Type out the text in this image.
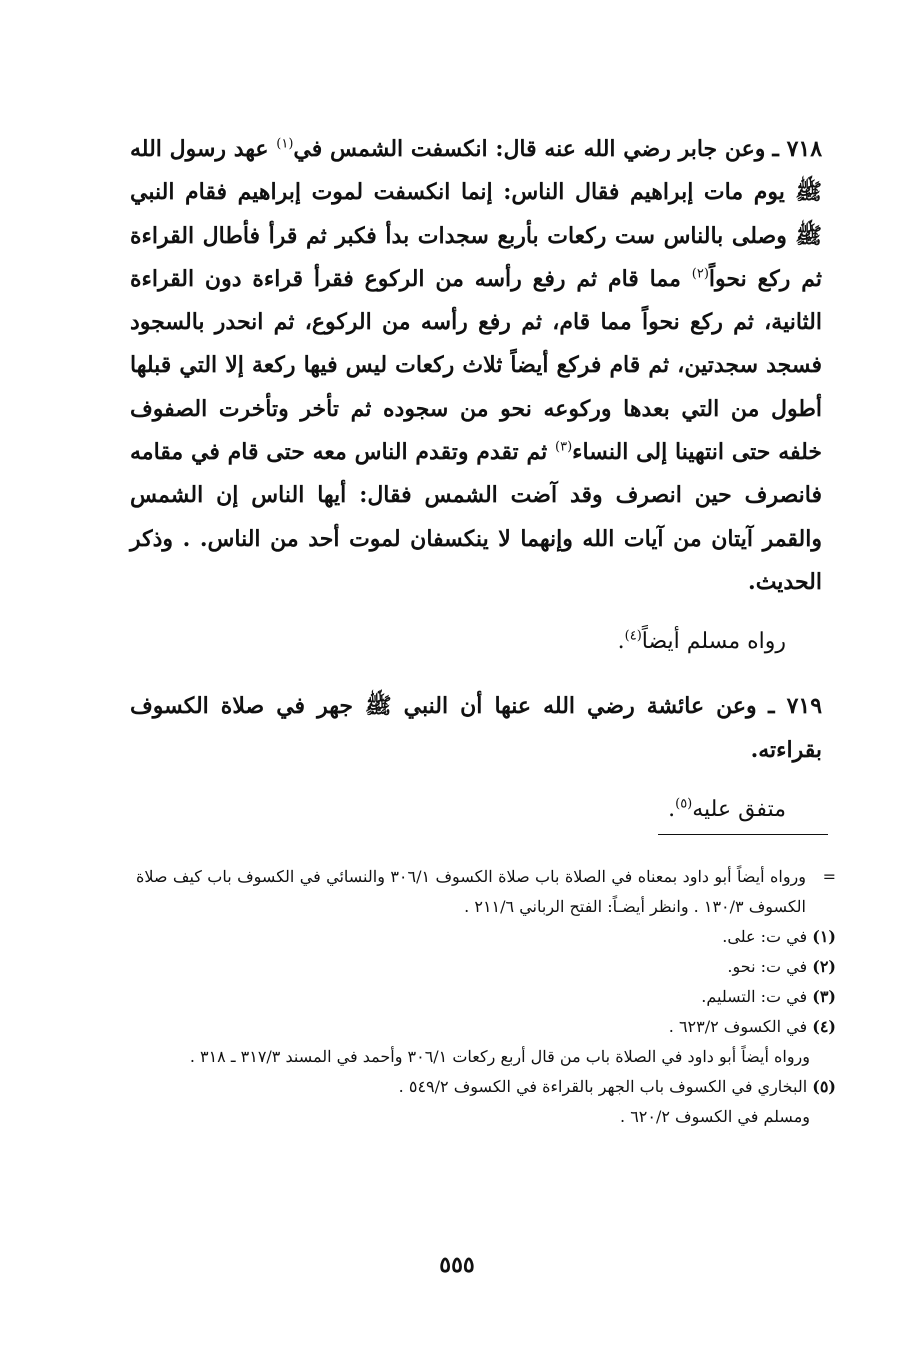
٧١٨ ـ وعن جابر رضي الله عنه قال: انكسفت الشمس في$^{(١)}$ عهد رسول الله ﷺ يوم مات إبراهيم فقال الناس: إنما انكسفت لموت إبراهيم فقام النبي ﷺ وصلى بالناس ست ركعات بأربع سجدات بدأ فكبر ثم قرأ فأطال القراءة ثم ركع نحواً$^{(٢)}$ مما قام ثم رفع رأسه من الركوع فقرأ قراءة دون القراءة الثانية، ثم ركع نحواً مما قام، ثم رفع رأسه من الركوع، ثم انحدر بالسجود فسجد سجدتين، ثم قام فركع أيضاً ثلاث ركعات ليس فيها ركعة إلا التي قبلها أطول من التي بعدها وركوعه نحو من سجوده ثم تأخر وتأخرت الصفوف خلفه حتى انتهينا إلى النساء$^{(٣)}$ ثم تقدم وتقدم الناس معه حتى قام في مقامه فانصرف حين انصرف وقد آضت الشمس فقال: أيها الناس إن الشمس والقمر آيتان من آيات الله وإنهما لا ينكسفان لموت أحد من الناس. . وذكر الحديث.

رواه مسلم أيضاً$^{(٤)}$.

٧١٩ ـ وعن عائشة رضي الله عنها أن النبي ﷺ جهر في صلاة الكسوف بقراءته.

متفق عليه$^{(٥)}$.

=ورواه أيضاً أبو داود بمعناه في الصلاة باب صلاة الكسوف ٣٠٦/١ والنسائي في الكسوف باب كيف صلاة الكسوف ١٣٠/٣ . وانظر أيضـاً: الفتح الرباني ٢١١/٦ .

(١) في ت: على.

(٢) في ت: نحو.

(٣) في ت: التسليم.

(٤) في الكسوف ٦٢٣/٢ .

ورواه أيضاً أبو داود في الصلاة باب من قال أربع ركعات ٣٠٦/١ وأحمد في المسند ٣١٧/٣ ـ ٣١٨ .

(٥) البخاري في الكسوف باب الجهر بالقراءة في الكسوف ٥٤٩/٢ .

ومسلم في الكسوف ٦٢٠/٢ .

٥٥٥
